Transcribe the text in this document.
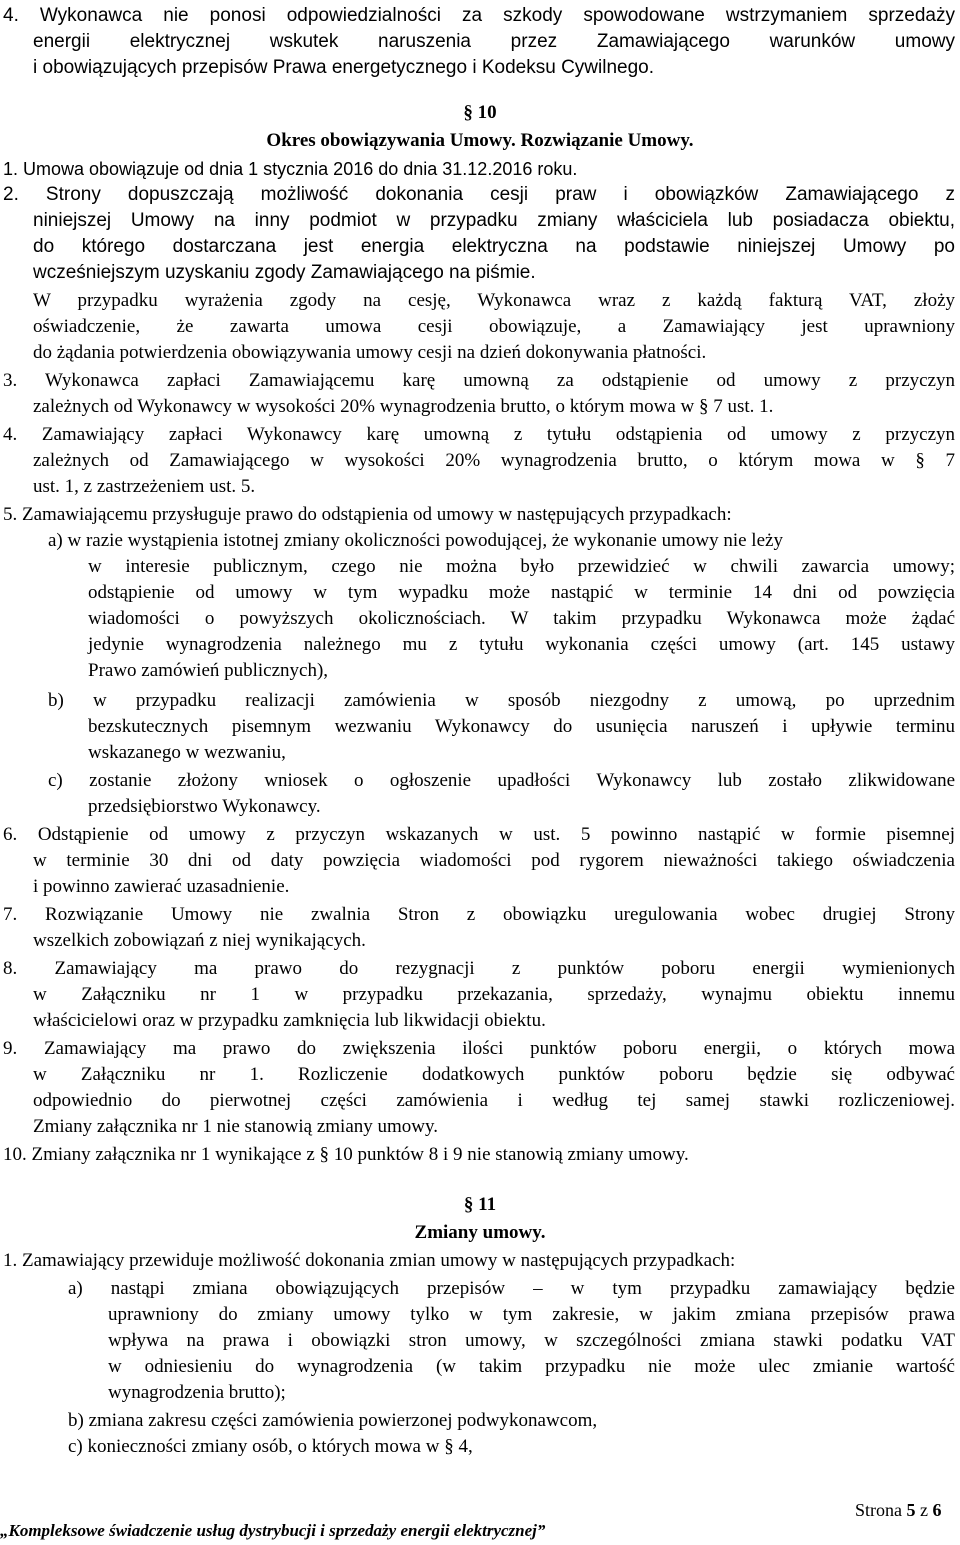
4. Wykonawca nie ponosi odpowiedzialności za szkody spowodowane wstrzymaniem sprzedaży
energii elektrycznej wskutek naruszenia przez Zamawiającego warunków umowy
i obowiązujących przepisów Prawa energetycznego i Kodeksu Cywilnego.
§ 10
Okres obowiązywania Umowy. Rozwiązanie Umowy.
1. Umowa obowiązuje od dnia 1 stycznia 2016 do dnia 31.12.2016 roku.
2. Strony dopuszczają możliwość dokonania cesji praw i obowiązków Zamawiającego z
niniejszej Umowy na inny podmiot w przypadku zmiany właściciela lub posiadacza obiektu,
do którego dostarczana jest energia elektryczna na podstawie niniejszej Umowy po
wcześniejszym uzyskaniu zgody Zamawiającego na piśmie.
W przypadku wyrażenia zgody na cesję, Wykonawca wraz z każdą fakturą VAT, złoży
oświadczenie, że zawarta umowa cesji obowiązuje, a Zamawiający jest uprawniony
do żądania potwierdzenia obowiązywania umowy cesji na dzień dokonywania płatności.
3. Wykonawca zapłaci Zamawiającemu karę umowną za odstąpienie od umowy z przyczyn
zależnych od Wykonawcy w wysokości 20% wynagrodzenia brutto, o którym mowa w § 7 ust. 1.
4. Zamawiający zapłaci Wykonawcy karę umowną z tytułu odstąpienia od umowy z przyczyn
zależnych od Zamawiającego w wysokości 20% wynagrodzenia brutto, o którym mowa w § 7
ust. 1, z zastrzeżeniem ust. 5.
5. Zamawiającemu przysługuje prawo do odstąpienia od umowy w następujących przypadkach:
a) w razie wystąpienia istotnej zmiany okoliczności powodującej, że wykonanie umowy nie leży
w interesie publicznym, czego nie można było przewidzieć w chwili zawarcia umowy;
odstąpienie od umowy w tym wypadku może nastąpić w terminie 14 dni od powzięcia
wiadomości o powyższych okolicznościach. W takim przypadku Wykonawca może żądać
jedynie wynagrodzenia należnego mu z tytułu wykonania części umowy (art. 145 ustawy
Prawo zamówień publicznych),
b) w przypadku realizacji zamówienia w sposób niezgodny z umową, po uprzednim
bezskutecznych pisemnym wezwaniu Wykonawcy do usunięcia naruszeń i upływie terminu
wskazanego w wezwaniu,
c) zostanie złożony wniosek o ogłoszenie upadłości Wykonawcy lub zostało zlikwidowane
przedsiębiorstwo Wykonawcy.
6. Odstąpienie od umowy z przyczyn wskazanych w ust. 5 powinno nastąpić w formie pisemnej
w terminie 30 dni od daty powzięcia wiadomości pod rygorem nieważności takiego oświadczenia
i powinno zawierać uzasadnienie.
7. Rozwiązanie Umowy nie zwalnia Stron z obowiązku uregulowania wobec drugiej Strony
wszelkich zobowiązań z niej wynikających.
8. Zamawiający ma prawo do rezygnacji z punktów poboru energii wymienionych
w Załączniku nr 1 w przypadku przekazania, sprzedaży, wynajmu obiektu innemu
właścicielowi oraz w przypadku zamknięcia lub likwidacji obiektu.
9. Zamawiający ma prawo do zwiększenia ilości punktów poboru energii, o których mowa
w Załączniku nr 1. Rozliczenie dodatkowych punktów poboru będzie się odbywać
odpowiednio do pierwotnej części zamówienia i według tej samej stawki rozliczeniowej.
Zmiany załącznika nr 1 nie stanowią zmiany umowy.
10. Zmiany załącznika nr 1 wynikające z § 10 punktów 8 i 9 nie stanowią zmiany umowy.
§ 11
Zmiany umowy.
1. Zamawiający przewiduje możliwość dokonania zmian umowy w następujących przypadkach:
a) nastąpi zmiana obowiązujących przepisów – w tym przypadku zamawiający będzie
uprawniony do zmiany umowy tylko w tym zakresie, w jakim zmiana przepisów prawa
wpływa na prawa i obowiązki stron umowy, w szczególności zmiana stawki podatku VAT
w odniesieniu do wynagrodzenia (w takim przypadku nie może ulec zmianie wartość
wynagrodzenia brutto);
b) zmiana zakresu części zamówienia powierzonej podwykonawcom,
c) konieczności zmiany osób, o których mowa w § 4,
Strona 5 z 6
„Kompleksowe świadczenie usług dystrybucji i sprzedaży energii elektrycznej”
